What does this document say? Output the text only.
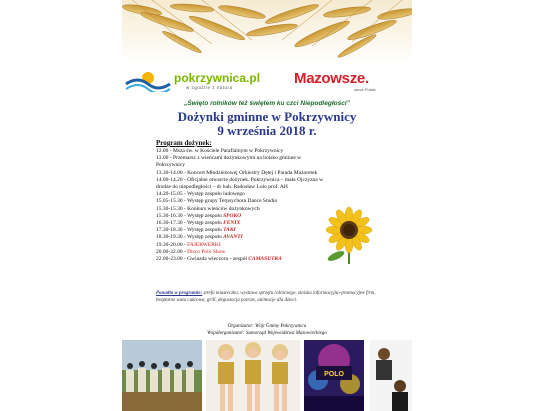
pokrzywnica.pl
w zgodzie z natura
Mazowsze.
serce Polski
„Święto rolników też świętem ku czci Niepodległości”
Dożynki gminne w Pokrzywnicy
9 września 2018 r.
Program dożynek:
12.00 - Msza św. w Kościele Parafialnym w Pokrzywnicy
13.00 - Przemarsz z wieńcami dożynkowymi na boisko gminne w Pokrzywnicy
13.30-14.00 - Koncert Młodzieżowej Orkiestry Dętej i Parada Mażoretek
14.00-14.20 - Oficjalne otwarcie dożynek. Pokrzywnica – mała Ojczyzna w drodze do niepodległości – dr hab. Radosław Lolo prof. AH
14.20-15.05 - Występ zespołu ludowego
15.05-15.30 - Występ grupy Terpsychora Dance Studio
15.30-15.30 - Konkurs wieńców dożynkowych
15.30-16.30 - Występ zespołu SPOKO
16.30-17.30 - Występ zespołu FENIX
17.30-18.30 - Występ zespołu TAKI
18.30-19.30 - Występ zespołu AVANTI
19.30-20.00 - FAJERWERKI
20.00-22.00 - Disco Polo Show
22.00-23.00 - Gwiazda wieczoru - zespół CAMASUTRA
Ponadto w programie: strefa miasteczko, wystawa sprzętu rolniczego, stoiska informacyjno-promocyjne firm, bezpłatne wata cukrowa, grill, degustacja potraw, animacje dla dzieci.
Organizator: Wójt Gminy Pokrzywnica
Współorganizator: Samorząd Województwa Mazowieckiego
POLO
